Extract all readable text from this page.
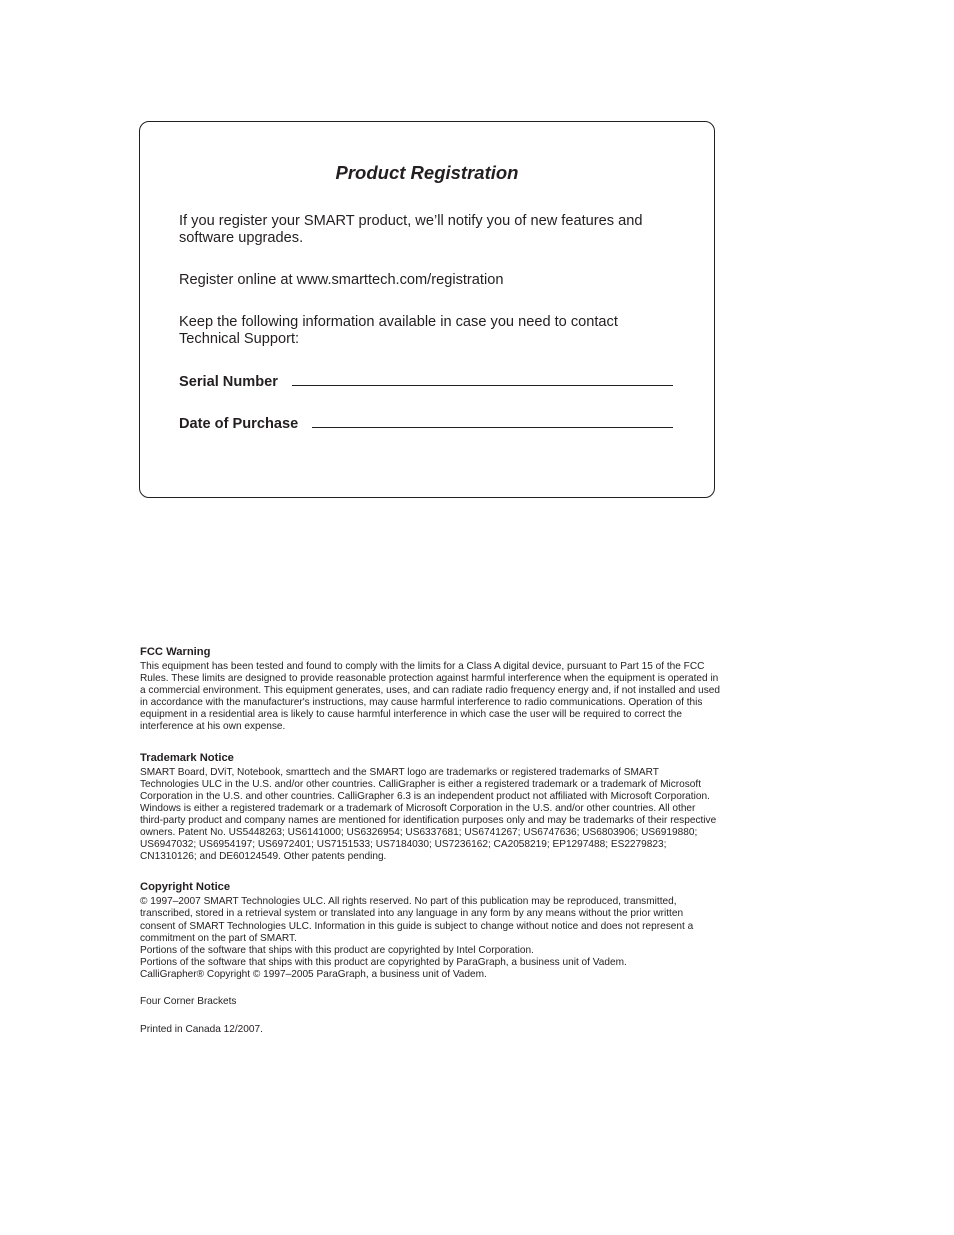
Product Registration

If you register your SMART product, we’ll notify you of new features and software upgrades.

Register online at www.smarttech.com/registration

Keep the following information available in case you need to contact Technical Support:

Serial Number
Date of Purchase
FCC Warning

This equipment has been tested and found to comply with the limits for a Class A digital device, pursuant to Part 15 of the FCC Rules. These limits are designed to provide reasonable protection against harmful interference when the equipment is operated in a commercial environment. This equipment generates, uses, and can radiate radio frequency energy and, if not installed and used in accordance with the manufacturer's instructions, may cause harmful interference to radio communications. Operation of this equipment in a residential area is likely to cause harmful interference in which case the user will be required to correct the interference at his own expense.

Trademark Notice

SMART Board, DViT, Notebook, smarttech and the SMART logo are trademarks or registered trademarks of SMART Technologies ULC in the U.S. and/or other countries. CalliGrapher is either a registered trademark or a trademark of Microsoft Corporation in the U.S. and other countries. CalliGrapher 6.3 is an independent product not affiliated with Microsoft Corporation. Windows is either a registered trademark or a trademark of Microsoft Corporation in the U.S. and/or other countries. All other third-party product and company names are mentioned for identification purposes only and may be trademarks of their respective owners. Patent No. US5448263; US6141000; US6326954; US6337681; US6741267; US6747636; US6803906; US6919880; US6947032; US6954197; US6972401; US7151533; US7184030; US7236162; CA2058219; EP1297488; ES2279823; CN1310126; and DE60124549. Other patents pending.

Copyright Notice

© 1997–2007 SMART Technologies ULC. All rights reserved. No part of this publication may be reproduced, transmitted, transcribed, stored in a retrieval system or translated into any language in any form by any means without the prior written consent of SMART Technologies ULC. Information in this guide is subject to change without notice and does not represent a commitment on the part of SMART.

Portions of the software that ships with this product are copyrighted by Intel Corporation.

Portions of the software that ships with this product are copyrighted by ParaGraph, a business unit of Vadem.

CalliGrapher® Copyright © 1997–2005 ParaGraph, a business unit of Vadem.

Four Corner Brackets

Printed in Canada 12/2007.
